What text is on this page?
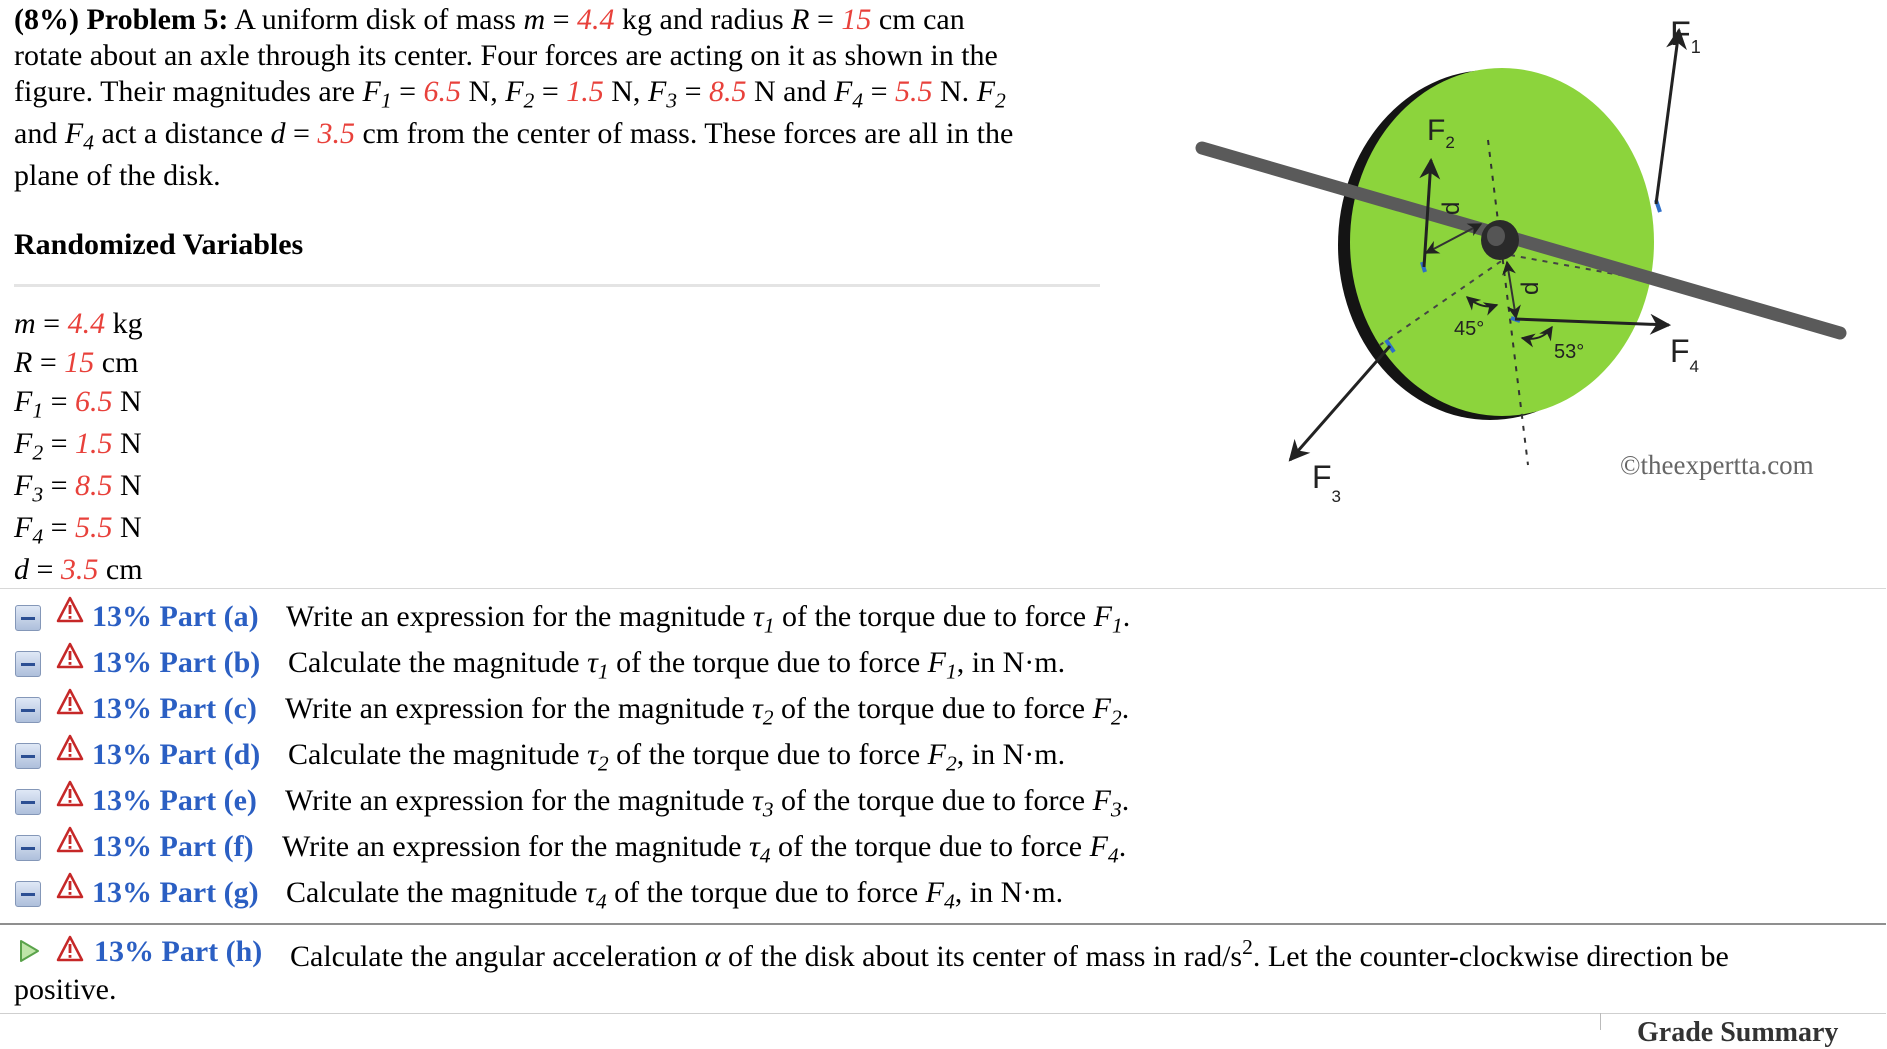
(8%) Problem 5: A uniform disk of mass m = 4.4 kg and radius R = 15 cm can
rotate about an axle through its center. Four forces are acting on it as shown in the
figure. Their magnitudes are $F_1 = 6.5$ N, $F_2 = 1.5$ N, $F_3 = 8.5$ N and $F_4 = 5.5$ N. $F_2$
and $F_4$ act a distance d = 3.5 cm from the center of mass. These forces are all in the
plane of the disk.
Randomized Variables
m = 4.4 kg
R = 15 cm
$F_1 = 6.5$ N
$F_2 = 1.5$ N
$F_3 = 8.5$ N
$F_4 = 5.5$ N
d = 3.5 cm
$F_1$
$F_2$
$F_3$
$F_4$
d
d
45°
53°
©theexpertta.com
13% Part (a) Write an expression for the magnitude $\tau_1$ of the torque due to force $F_1$.
13% Part (b) Calculate the magnitude $\tau_1$ of the torque due to force $F_1$, in N·m.
13% Part (c) Write an expression for the magnitude $\tau_2$ of the torque due to force $F_2$.
13% Part (d) Calculate the magnitude $\tau_2$ of the torque due to force $F_2$, in N·m.
13% Part (e) Write an expression for the magnitude $\tau_3$ of the torque due to force $F_3$.
13% Part (f) Write an expression for the magnitude $\tau_4$ of the torque due to force $F_4$.
13% Part (g) Calculate the magnitude $\tau_4$ of the torque due to force $F_4$, in N·m.
13% Part (h) Calculate the angular acceleration α of the disk about its center of mass in rad/$s^2$. Let the counter-clockwise direction be
positive.
Grade Summary
